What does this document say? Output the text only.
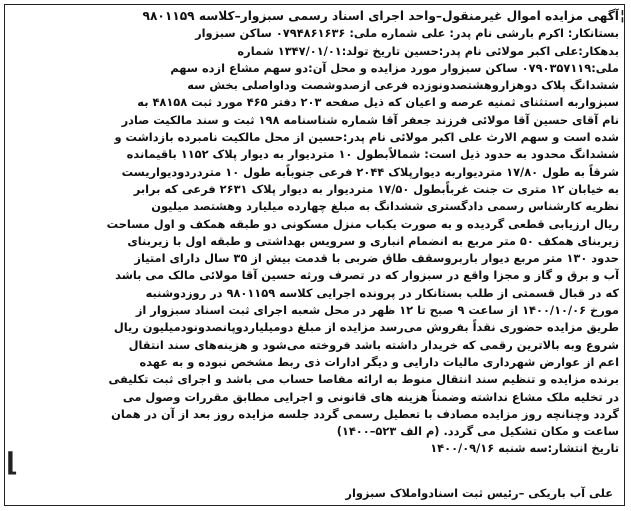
¦

آگهی مزایده اموال غیرمنقول–واحد اجرای اسناد رسمی سبزوار–کلاسه ۹۸۰۱۱۵۹

بستانکار: اکرم بارشی نام پدر: علی شماره ملی: ۰۷۹۴۸۶۱۶۳۶ ساکن سبزوار

بدهکار:علی اکبر مولائی نام پدر:حسین تاریخ تولد:۱۳۴۷/۰۱/۰۱ شماره

ملی:۰۷۹۰۳۵۷۱۱۹ ساکن سبزوار مورد مزایده و محل آن:دو سهم مشاع ازده سهم

ششدانگ پلاک دوهزاروهشتصدونوزده فرعی ازصدوشصت وداواصلی بخش سه

سبزواربه استثنای ثمنیه عرصه و اعیان که ذیل صفحه ۲۰۳ دفتر ۴۶۵ مورد ثبت ۴۸۱۵۸ به

نام آقای حسین آقا مولائی فرزند جعفر آقا شماره شناسنامه ۱۹۸ ثبت و سند مالکیت صادر

شده است و سهم الارث علی اکبر مولائی نام پدر:حسین از محل مالکیت نامبرده بازداشت و

ششدانگ محدود به حدود ذیل است: شمالاًبطول ۱۰ متردیوار به دیوار پلاک ۱۱۵۲ باقیمانده

شرقاً به طول ۱۷/۸۰ متردیواربه دیوارپلاک ۲۰۴۴ فرعی جنوباًبه طول ۱۰ متردردودیواریست

به خیابان ۱۲ متری ت جنت غرباًبطول ۱۷/۵۰ متردیوار به دیوار پلاک ۲۶۳۱ فرعی که برابر

نظریه کارشناس رسمی دادگستری ششدانگ به مبلغ چهارده میلیارد وهشتصد میلیون

ریال ارزیابی قطعی گردیده و به صورت یکباب منزل مسکونی دو طبقه همکف و اول مساحت

زیربنای همکف ۵۰ متر مربع به انضمام انباری و سرویس بهداشتی و طبقه اول با زیربنای

حدود ۱۳۰ متر مربع دیوار باربروسقف طاق ضربی با قدمت بیش از ۳۵ سال دارای امتیاز

آب و برق و گاز و مجزا واقع در سبزوار که در تصرف ورثه حسین آقا مولائی مالک می باشد

که در قبال قسمتی از طلب بستانکار در پرونده اجرایی کلاسه ۹۸۰۱۱۵۹ در روزدوشنبه

مورخ ۱۴۰۰/۱۰/۰۶ از ساعت ۹ صبح تا ۱۲ ظهر در محل شعبه اجرای ثبت اسناد سبزوار از

طریق مزایده حضوری نقداً بفروش می‌رسد مزایده از مبلغ دومیلیاردوپانصدونودمیلیون ریال

شروع وبه بالاترین رقمی که خریدار داشته باشد فروخته می‌شود و هزینه‌های سند انتقال

اعم از عوارض شهرداری مالیات دارایی و دیگر ادارات ذی ربط مشخص نبوده و به عهده

برنده مزایده و تنظیم سند انتقال منوط به ارائه مفاصا حساب می باشد و اجرای ثبت تکلیفی

در تخلیه ملک مشاع نداشته وضمناً هزینه های قانونی و اجرایی مطابق مقررات وصول می

گردد وچنانچه روز مزایده مصادف با تعطیل رسمی گردد جلسه مزایده روز بعد از آن در همان

ساعت و مکان تشکیل می گردد. (م الف ۵۲۳–۱۴۰۰)

تاریخ انتشار:سه شنبه ۱۴۰۰/۰۹/۱۶

علی آب باریکی –رئیس ثبت اسنادواملاک سبزوار
⌊
